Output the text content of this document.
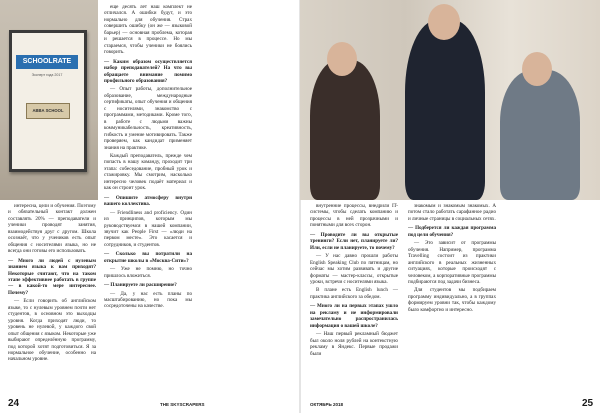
SCHOOLRATE
Эксперт года 2017
ABBA SCHOOL

интересна, цели и обучения. Поэтому и обязательный контакт должен составлять 20% — преподаватели и ученики проводят занятия, взаимодействуя друг с другом. Школа осознаёт, что у учеников есть опыт общения с носителями языка, но не всегда они готовы его использовать.

— Много ли людей с нулевым знанием языка к вам приходят? Некоторые считают, что на таком этапе эффективнее работать в группе — в какой-то мере интереснее. Почему?

— Если говорить об английском языке, то с нулевым уровнем почти нет студентов, в основном это выходцы уровня. Когда приходят люди, то уровень не нулевой, у каждого свой опыт общения с языком. Некоторые уже выбирают определённую программу, под которой хотят подготовиться. Я за нормальное обучение, особенно на начальном уровне.

еще десять лет наш комплект не отличался. А ошибки будут, и это нормально для обучения. Страх совершить ошибку (он же — языковой барьер) — основная проблема, которая и решается в процессе. Но мы стараемся, чтобы ученики не боялись говорить.

— Каким образом осуществляется набор преподавателей? На что вы обращаете внимание помимо профильного образования?

— Опыт работы, дополнительное образование, международные сертификаты, опыт обучения и общения с носителями, знакомство с программами, методиками. Кроме того, в работе с людьми важны коммуникабельность, креативность, гибкость и умение мотивировать. Также проверяем, как кандидат применяет знания на практике.

Каждый преподаватель, прежде чем попасть в нашу команду, проходит три этапа: собеседование, пробный урок и стажировку. Мы смотрим, насколько интересно человек подаёт материал и как он строит урок.

— Опишите атмосферу внутри вашего коллектива.

— Friendliness and proficiency. Один из принципов, которым мы руководствуемся в нашей компании, звучит как People First — «люди на первом месте». Это касается и сотрудников, и студентов.

— Сколько вы потратили на открытие школы в «Москва-Сити»?

— Уже не помню, но точно пришлось вложиться.

— Планируете ли расширение?

— Да, у нас есть планы по масштабированию, но пока мы сосредоточены на качестве.

24	THE SKYSCRAPERS

внутренние процессы, внедрили IT-системы, чтобы сделать компанию и процессы в ней прозрачными и понятными для всех сторон.

— Проводите ли вы открытые тренинги? Если нет, планируете ли? Или, если не планируете, то почему?

— У нас давно прошли работы English Speaking Club по пятницам, но сейчас мы хотим развивать и другие форматы — мастер-классы, открытые уроки, встречи с носителями языка.

В плане есть English lunch — практика английского за обедом.

— Много ли на первых этапах ушло на рекламу и не информировали замечательно распространилась информация о вашей школе?

— Наш первый рекламный бюджет был около ноля рублей на контекстную рекламу в Яндекс. Первые продажи были

знакомым и знакомым знакомых. А потом стало работать сарафанное радио и личные страницы в социальных сетях.

— Подберется ли каждая программа под цели обучения?

— Это зависит от программы обучения. Например, программа Travelling состоит из практики английского в реальных жизненных ситуациях, которые происходят с человеком, а корпоративные программы подбираются под задачи бизнеса.

Для студентов мы подбираем программу индивидуально, а в группах формируем уровни так, чтобы каждому было комфортно и интересно.

ОКТЯБРЬ 2018	25
